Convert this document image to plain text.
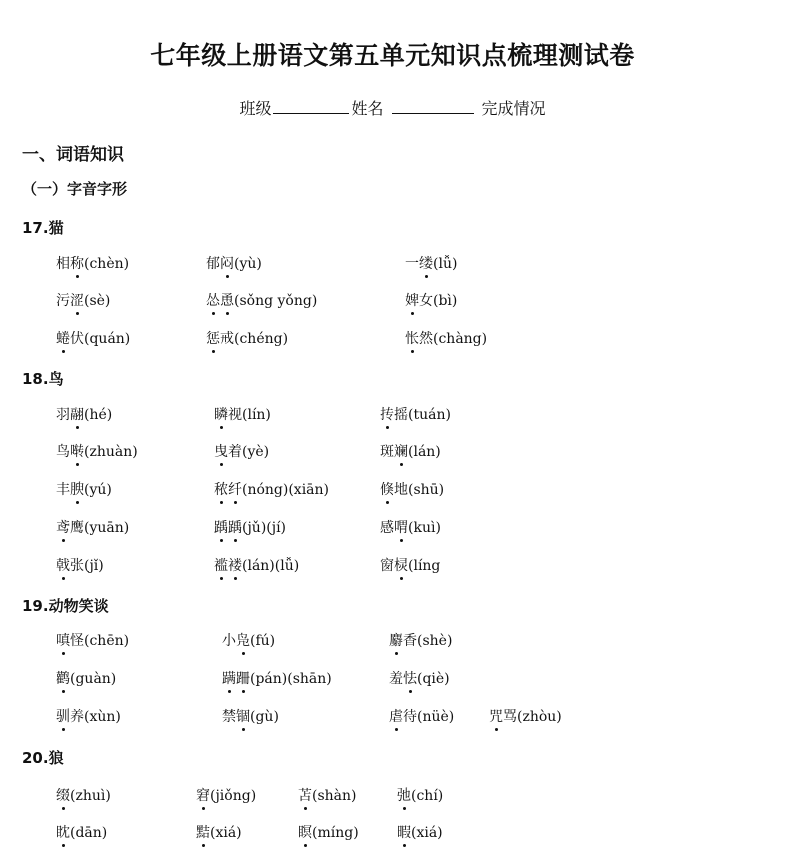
七年级上册语文第五单元知识点梳理测试卷
班级	姓名	完成情况
一、词语知识
（一）字音字形
17.猫
相称(chèn)	郁闷(yù)	一缕(lǚ)
污涩(sè)	怂恿(sǒng yǒng)	婢女(bì)
蜷伏(quán)	惩戒(chéng)	怅然(chàng)
18.鸟
羽翮(hé)	瞵视(lín)	抟摇(tuán)
鸟啭(zhuàn)	曳着(yè)	斑斓(lán)
丰腴(yú)	秾纤(nóng)(xiān)	倏地(shū)
鸢鹰(yuān)	踽踽(jǔ)(jí)	感喟(kuì)
戟张(jǐ)	褴褛(lán)(lǚ)	窗棂(líng
19.动物笑谈
嗔怪(chēn)	小凫(fú)	麝香(shè)
鹳(guàn)	蹒跚(pán)(shān)	羞怯(qiè)
驯养(xùn)	禁锢(gù)	虐待(nüè) 咒骂(zhòu)
20.狼
缀(zhuì)	窘(jiǒng)	苫(shàn)	弛(chí)
眈(dān)	黠(xiá)	瞑(míng)	暇(xiá)
